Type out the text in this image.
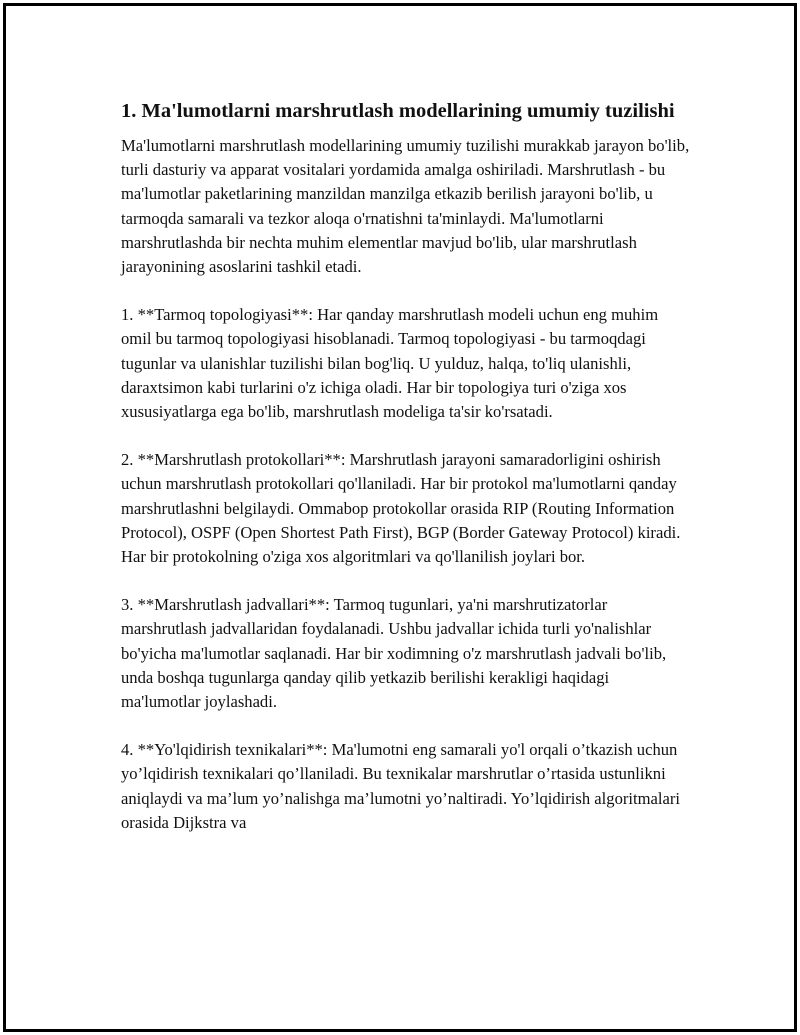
1. Ma'lumotlarni marshrutlash modellarining umumiy tuzilishi

Ma'lumotlarni marshrutlash modellarining umumiy tuzilishi murakkab jarayon bo'lib, turli dasturiy va apparat vositalari yordamida amalga oshiriladi. Marshrutlash - bu ma'lumotlar paketlarining manzildan manzilga etkazib berilish jarayoni bo'lib, u tarmoqda samarali va tezkor aloqa o'rnatishni ta'minlaydi. Ma'lumotlarni marshrutlashda bir nechta muhim elementlar mavjud bo'lib, ular marshrutlash jarayonining asoslarini tashkil etadi.

1. **Tarmoq topologiyasi**: Har qanday marshrutlash modeli uchun eng muhim omil bu tarmoq topologiyasi hisoblanadi. Tarmoq topologiyasi - bu tarmoqdagi tugunlar va ulanishlar tuzilishi bilan bog'liq. U yulduz, halqa, to'liq ulanishli, daraxtsimon kabi turlarini o'z ichiga oladi. Har bir topologiya turi o'ziga xos xususiyatlarga ega bo'lib, marshrutlash modeliga ta'sir ko'rsatadi.

2. **Marshrutlash protokollari**: Marshrutlash jarayoni samaradorligini oshirish uchun marshrutlash protokollari qo'llaniladi. Har bir protokol ma'lumotlarni qanday marshrutlashni belgilaydi. Ommabop protokollar orasida RIP (Routing Information Protocol), OSPF (Open Shortest Path First), BGP (Border Gateway Protocol) kiradi. Har bir protokolning o'ziga xos algoritmlari va qo'llanilish joylari bor.

3. **Marshrutlash jadvallari**: Tarmoq tugunlari, ya'ni marshrutizatorlar marshrutlash jadvallaridan foydalanadi. Ushbu jadvallar ichida turli yo'nalishlar bo'yicha ma'lumotlar saqlanadi. Har bir xodimning o'z marshrutlash jadvali bo'lib, unda boshqa tugunlarga qanday qilib yetkazib berilishi kerakligi haqidagi ma'lumotlar joylashadi.

4. **Yo'lqidirish texnikalari**: Ma'lumotni eng samarali yo'l orqali o’tkazish uchun yo’lqidirish texnikalari qo’llaniladi. Bu texnikalar marshrutlar o’rtasida ustunlikni aniqlaydi va ma’lum yo’nalishga ma’lumotni yo’naltiradi. Yo’lqidirish algoritmalari orasida Dijkstra va
